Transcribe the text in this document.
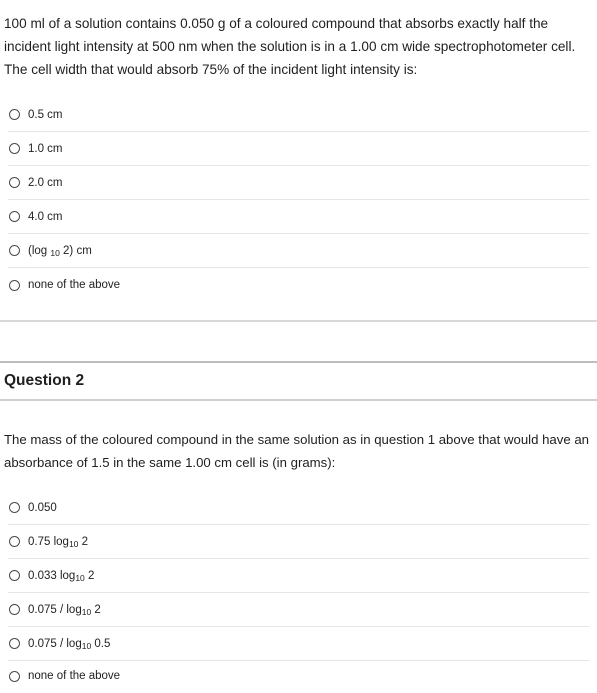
100 ml of a solution contains 0.050 g of a coloured compound that absorbs exactly half the incident light intensity at 500 nm when the solution is in a 1.00 cm wide spectrophotometer cell. The cell width that would absorb 75% of the incident light intensity is:
0.5 cm
1.0 cm
2.0 cm
4.0 cm
(log $_{10}$ 2) cm
none of the above
Question 2
The mass of the coloured compound in the same solution as in question 1 above that would have an absorbance of 1.5 in the same 1.00 cm cell is (in grams):
0.050
0.75 $\log_{10} 2$
0.033 $\log_{10} 2$
$0.075 / \log_{10} 2$
$0.075 / \log_{10} 0.5$
none of the above
